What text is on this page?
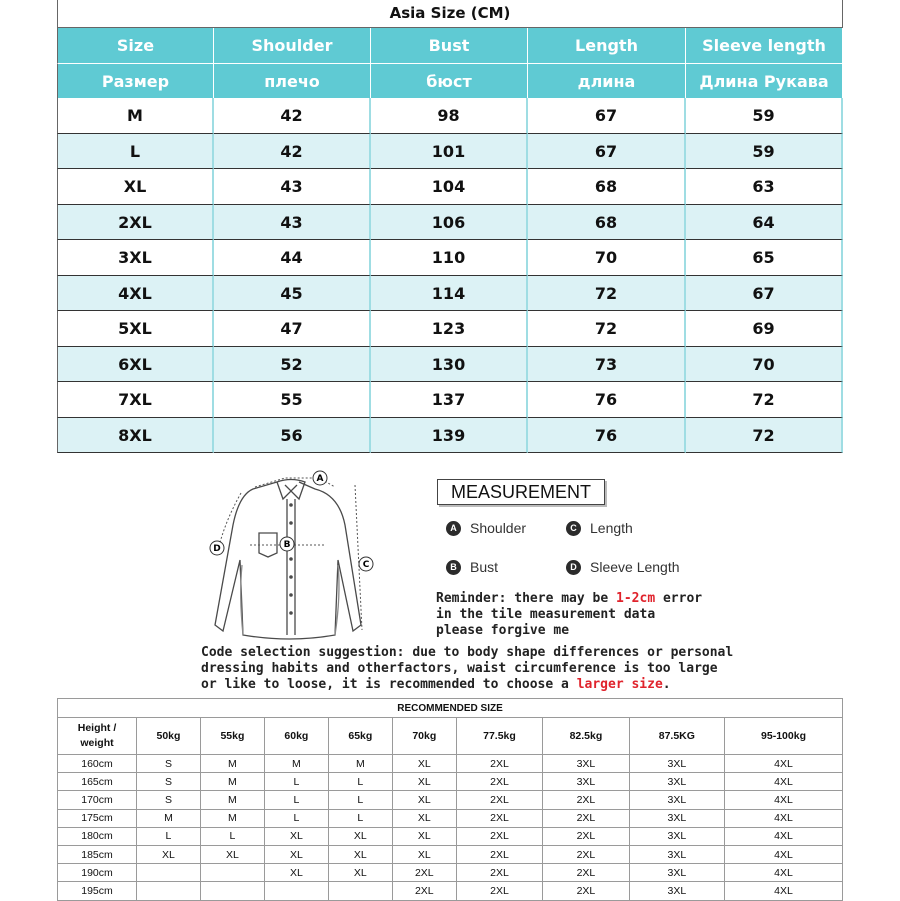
Asia Size (CM)
Size	Shoulder	Bust	Length	Sleeve length
Размер	плечо	бюст	длина	Длина Рукава
M	42	98	67	59
L	42	101	67	59
XL	43	104	68	63
2XL	43	106	68	64
3XL	44	110	70	65
4XL	45	114	72	67
5XL	47	123	72	69
6XL	52	130	73	70
7XL	55	137	76	72
8XL	56	139	76	72
A
B
C
D
MEASUREMENT
A Shoulder	C Length
B Bust	D Sleeve Length
Reminder: there may be 1-2cm error
in the tile measurement data
please forgive me
Code selection suggestion: due to body shape differences or personal
dressing habits and otherfactors, waist circumference is too large
or like to loose, it is recommended to choose a larger size.
RECOMMENDED SIZE									

Height /
weight	50kg	55kg	60kg	65kg	70kg	77.5kg	82.5kg	87.5KG	95-100kg
160cm	S	M	M	M	XL	2XL	3XL	3XL	4XL
165cm	S	M	L	L	XL	2XL	3XL	3XL	4XL
170cm	S	M	L	L	XL	2XL	2XL	3XL	4XL
175cm	M	M	L	L	XL	2XL	2XL	3XL	4XL
180cm	L	L	XL	XL	XL	2XL	2XL	3XL	4XL
185cm	XL	XL	XL	XL	XL	2XL	2XL	3XL	4XL
190cm			XL	XL	2XL	2XL	2XL	3XL	4XL
195cm					2XL	2XL	2XL	3XL	4XL
